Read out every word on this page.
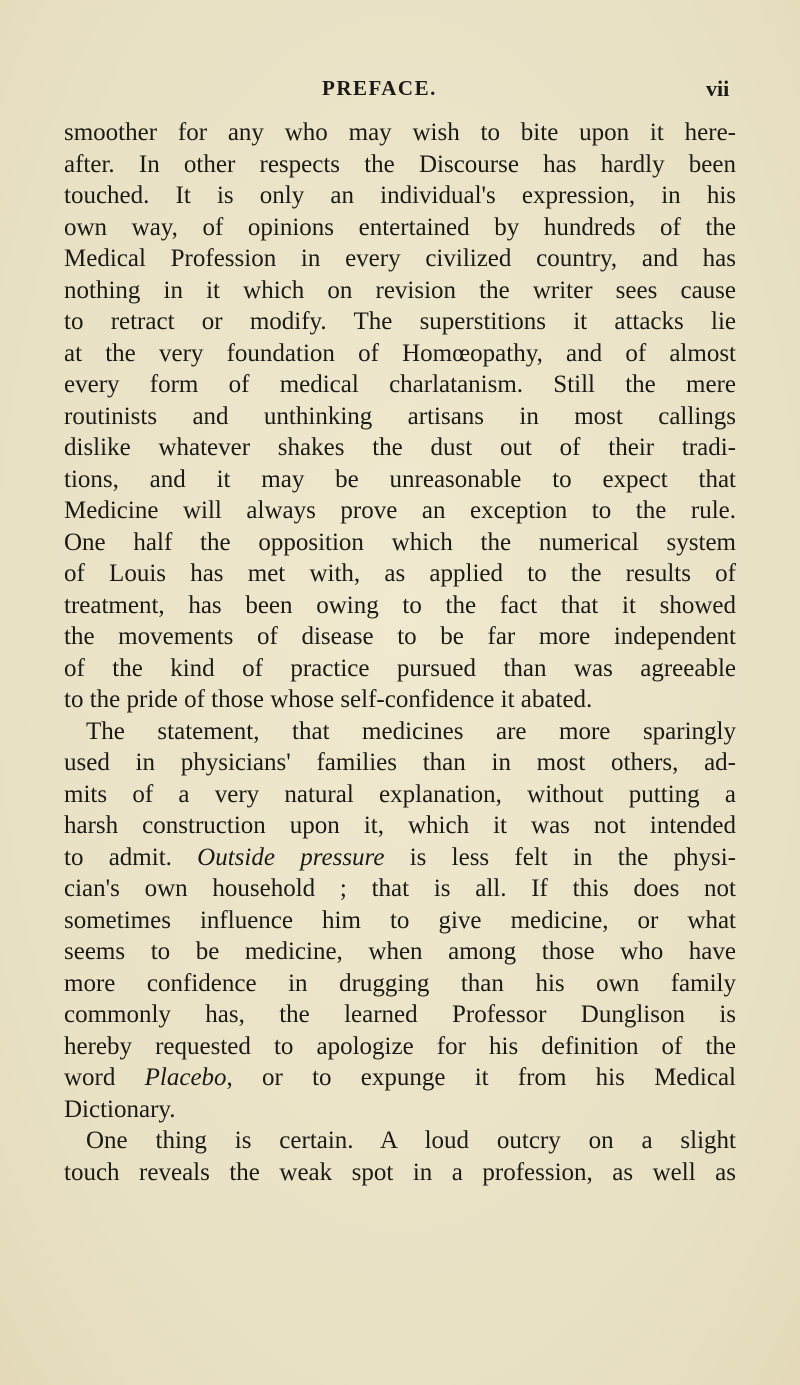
PREFACE.	vii
smoother for any who may wish to bite upon it here-
after. In other respects the Discourse has hardly been
touched. It is only an individual's expression, in his
own way, of opinions entertained by hundreds of the
Medical Profession in every civilized country, and has
nothing in it which on revision the writer sees cause
to retract or modify. The superstitions it attacks lie
at the very foundation of Homœopathy, and of almost
every form of medical charlatanism. Still the mere
routinists and unthinking artisans in most callings
dislike whatever shakes the dust out of their tradi-
tions, and it may be unreasonable to expect that
Medicine will always prove an exception to the rule.
One half the opposition which the numerical system
of Louis has met with, as applied to the results of
treatment, has been owing to the fact that it showed
the movements of disease to be far more independent
of the kind of practice pursued than was agreeable
to the pride of those whose self-confidence it abated.
The statement, that medicines are more sparingly
used in physicians' families than in most others, ad-
mits of a very natural explanation, without putting a
harsh construction upon it, which it was not intended
to admit. Outside pressure is less felt in the physi-
cian's own household ; that is all. If this does not
sometimes influence him to give medicine, or what
seems to be medicine, when among those who have
more confidence in drugging than his own family
commonly has, the learned Professor Dunglison is
hereby requested to apologize for his definition of the
word Placebo, or to expunge it from his Medical
Dictionary.
One thing is certain. A loud outcry on a slight
touch reveals the weak spot in a profession, as well as
